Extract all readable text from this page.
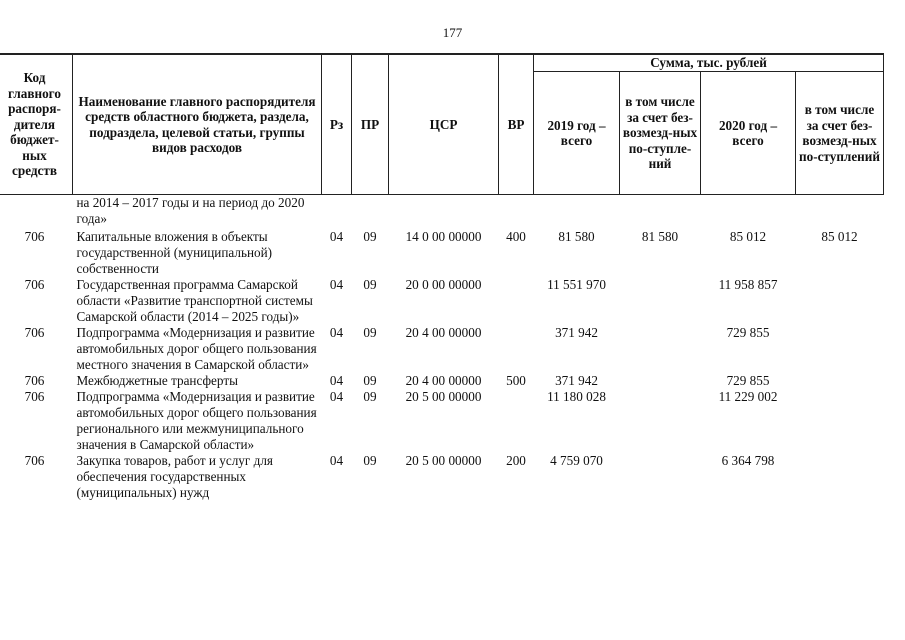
177
Код главного распоря-дителя бюджет-ных средств	Наименование главного распорядителя средств областного бюджета, раздела, подраздела, целевой статьи, группы видов расходов	Рз	ПР	ЦСР	ВР	Сумма, тыс. рублей			
						2019 год – всего	в том числе за счет без-возмезд-ных по-ступле-ний	2020 год – всего	в том числе за счет без-возмезд-ных по-ступлений
	на 2014 – 2017 годы и на период до 2020 года»								
706	Капитальные вложения в объекты государственной (муниципальной) собственности	04	09	14 0 00 00000	400	81 580	81 580	85 012	85 012
706	Государственная программа Самарской области «Развитие транспортной системы Самарской области (2014 – 2025 годы)»	04	09	20 0 00 00000		11 551 970		11 958 857	
706	Подпрограмма «Модернизация и развитие автомобильных дорог общего пользования местного значения в Самарской области»	04	09	20 4 00 00000		371 942		729 855	
706	Межбюджетные трансферты	04	09	20 4 00 00000	500	371 942		729 855	
706	Подпрограмма «Модернизация и развитие автомобильных дорог общего пользования регионального или межмуниципального значения в Самарской области»	04	09	20 5 00 00000		11 180 028		11 229 002	
706	Закупка товаров, работ и услуг для обеспечения государственных (муниципальных) нужд	04	09	20 5 00 00000	200	4 759 070		6 364 798	
